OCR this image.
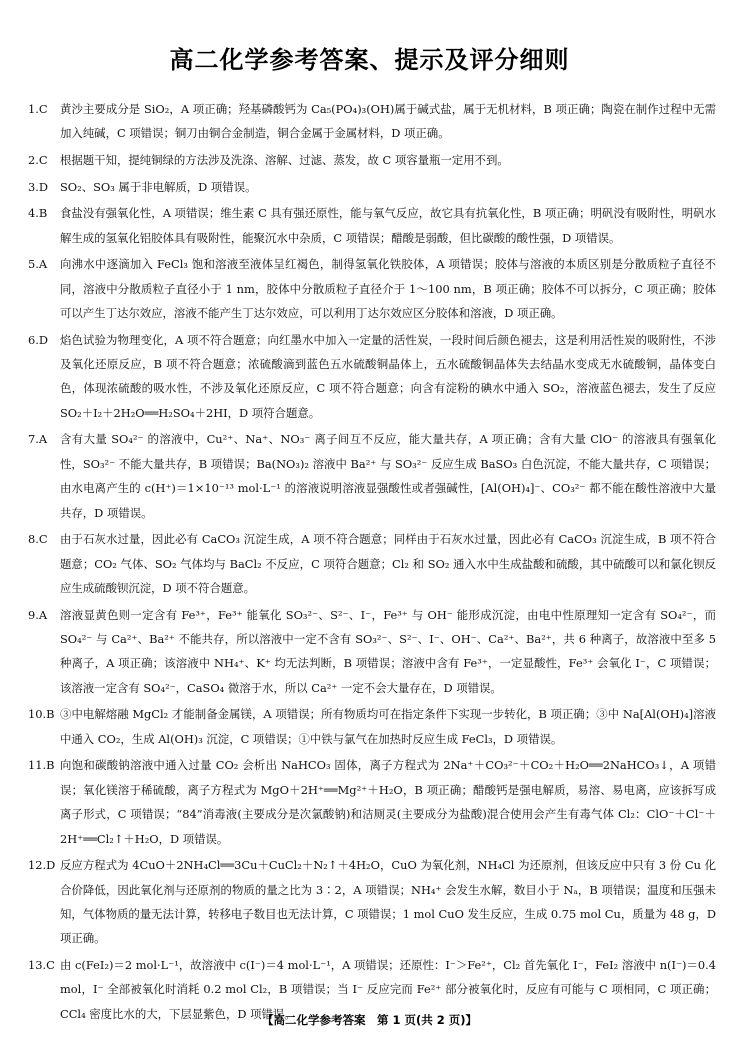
高二化学参考答案、提示及评分细则
1.C 黄沙主要成分是 SiO₂，A 项正确；羟基磷酸钙为 Ca₅(PO₄)₃(OH)属于碱式盐，属于无机材料，B 项正确；陶瓷在制作过程中无需加入纯碱，C 项错误；铜刀由铜合金制造，铜合金属于金属材料，D 项正确。
2.C 根据题干知，提纯铜绿的方法涉及洗涤、溶解、过滤、蒸发，故 C 项容量瓶一定用不到。
3.D SO₂、SO₃ 属于非电解质，D 项错误。
4.B 食盐没有强氧化性，A 项错误；维生素 C 具有强还原性，能与氧气反应，故它具有抗氧化性，B 项正确；明矾没有吸附性，明矾水解生成的氢氧化铝胶体具有吸附性，能聚沉水中杂质，C 项错误；醋酸是弱酸，但比碳酸的酸性强，D 项错误。
5.A 向沸水中逐滴加入 FeCl₃ 饱和溶液至液体呈红褐色，制得氢氧化铁胶体，A 项错误；胶体与溶液的本质区别是分散质粒子直径不同，溶液中分散质粒子直径小于 1 nm，胶体中分散质粒子直径介于 1～100 nm，B 项正确；胶体不可以拆分，C 项正确；胶体可以产生丁达尔效应，溶液不能产生丁达尔效应，可以利用丁达尔效应区分胶体和溶液，D 项正确。
6.D 焰色试验为物理变化，A 项不符合题意；向红墨水中加入一定量的活性炭，一段时间后颜色褪去，这是利用活性炭的吸附性，不涉及氧化还原反应，B 项不符合题意；浓硫酸滴到蓝色五水硫酸铜晶体上，五水硫酸铜晶体失去结晶水变成无水硫酸铜，晶体变白色，体现浓硫酸的吸水性，不涉及氧化还原反应，C 项不符合题意；向含有淀粉的碘水中通入 SO₂，溶液蓝色褪去，发生了反应 SO₂＋I₂＋2H₂O══H₂SO₄＋2HI，D 项符合题意。
7.A 含有大量 SO₄²⁻ 的溶液中，Cu²⁺、Na⁺、NO₃⁻ 离子间互不反应，能大量共存，A 项正确；含有大量 ClO⁻ 的溶液具有强氧化性，SO₃²⁻ 不能大量共存，B 项错误；Ba(NO₃)₂ 溶液中 Ba²⁺ 与 SO₃²⁻ 反应生成 BaSO₃ 白色沉淀，不能大量共存，C 项错误；由水电离产生的 c(H⁺)＝1×10⁻¹³ mol·L⁻¹ 的溶液说明溶液显强酸性或者强碱性，[Al(OH)₄]⁻、CO₃²⁻ 都不能在酸性溶液中大量共存，D 项错误。
8.C 由于石灰水过量，因此必有 CaCO₃ 沉淀生成，A 项不符合题意；同样由于石灰水过量，因此必有 CaCO₃ 沉淀生成，B 项不符合题意；CO₂ 气体、SO₂ 气体均与 BaCl₂ 不反应，C 项符合题意；Cl₂ 和 SO₂ 通入水中生成盐酸和硫酸，其中硫酸可以和氯化钡反应生成硫酸钡沉淀，D 项不符合题意。
9.A 溶液显黄色则一定含有 Fe³⁺，Fe³⁺ 能氧化 SO₃²⁻、S²⁻、I⁻，Fe³⁺ 与 OH⁻ 能形成沉淀，由电中性原理知一定含有 SO₄²⁻，而 SO₄²⁻ 与 Ca²⁺、Ba²⁺ 不能共存，所以溶液中一定不含有 SO₃²⁻、S²⁻、I⁻、OH⁻、Ca²⁺、Ba²⁺，共 6 种离子，故溶液中至多 5 种离子，A 项正确；该溶液中 NH₄⁺、K⁺ 均无法判断，B 项错误；溶液中含有 Fe³⁺，一定显酸性，Fe³⁺ 会氧化 I⁻，C 项错误；该溶液一定含有 SO₄²⁻，CaSO₄ 微溶于水，所以 Ca²⁺ 一定不会大量存在，D 项错误。
10.B ③中电解熔融 MgCl₂ 才能制备金属镁，A 项错误；所有物质均可在指定条件下实现一步转化，B 项正确；③中 Na[Al(OH)₄]溶液中通入 CO₂，生成 Al(OH)₃ 沉淀，C 项错误；①中铁与氯气在加热时反应生成 FeCl₃，D 项错误。
11.B 向饱和碳酸钠溶液中通入过量 CO₂ 会析出 NaHCO₃ 固体，离子方程式为 2Na⁺＋CO₃²⁻＋CO₂＋H₂O══2NaHCO₃↓，A 项错误；氧化镁溶于稀硫酸，离子方程式为 MgO＋2H⁺══Mg²⁺＋H₂O，B 项正确；醋酸钙是强电解质，易溶、易电离，应该拆写成离子形式，C 项错误；“84”消毒液(主要成分是次氯酸钠)和洁厕灵(主要成分为盐酸)混合使用会产生有毒气体 Cl₂：ClO⁻＋Cl⁻＋2H⁺══Cl₂↑＋H₂O，D 项错误。
12.D 反应方程式为 4CuO＋2NH₄Cl══3Cu＋CuCl₂＋N₂↑＋4H₂O，CuO 为氧化剂，NH₄Cl 为还原剂，但该反应中只有 3 份 Cu 化合价降低，因此氧化剂与还原剂的物质的量之比为 3∶2，A 项错误；NH₄⁺ 会发生水解，数目小于 Nₐ，B 项错误；温度和压强未知，气体物质的量无法计算，转移电子数目也无法计算，C 项错误；1 mol CuO 发生反应，生成 0.75 mol Cu，质量为 48 g，D 项正确。
13.C 由 c(FeI₂)＝2 mol·L⁻¹，故溶液中 c(I⁻)＝4 mol·L⁻¹，A 项错误；还原性：I⁻＞Fe²⁺，Cl₂ 首先氧化 I⁻，FeI₂ 溶液中 n(I⁻)＝0.4 mol，I⁻ 全部被氧化时消耗 0.2 mol Cl₂，B 项错误；当 I⁻ 反应完而 Fe²⁺ 部分被氧化时，反应有可能与 C 项相同，C 项正确；CCl₄ 密度比水的大，下层显紫色，D 项错误。
【高二化学参考答案　第 1 页(共 2 页)】
